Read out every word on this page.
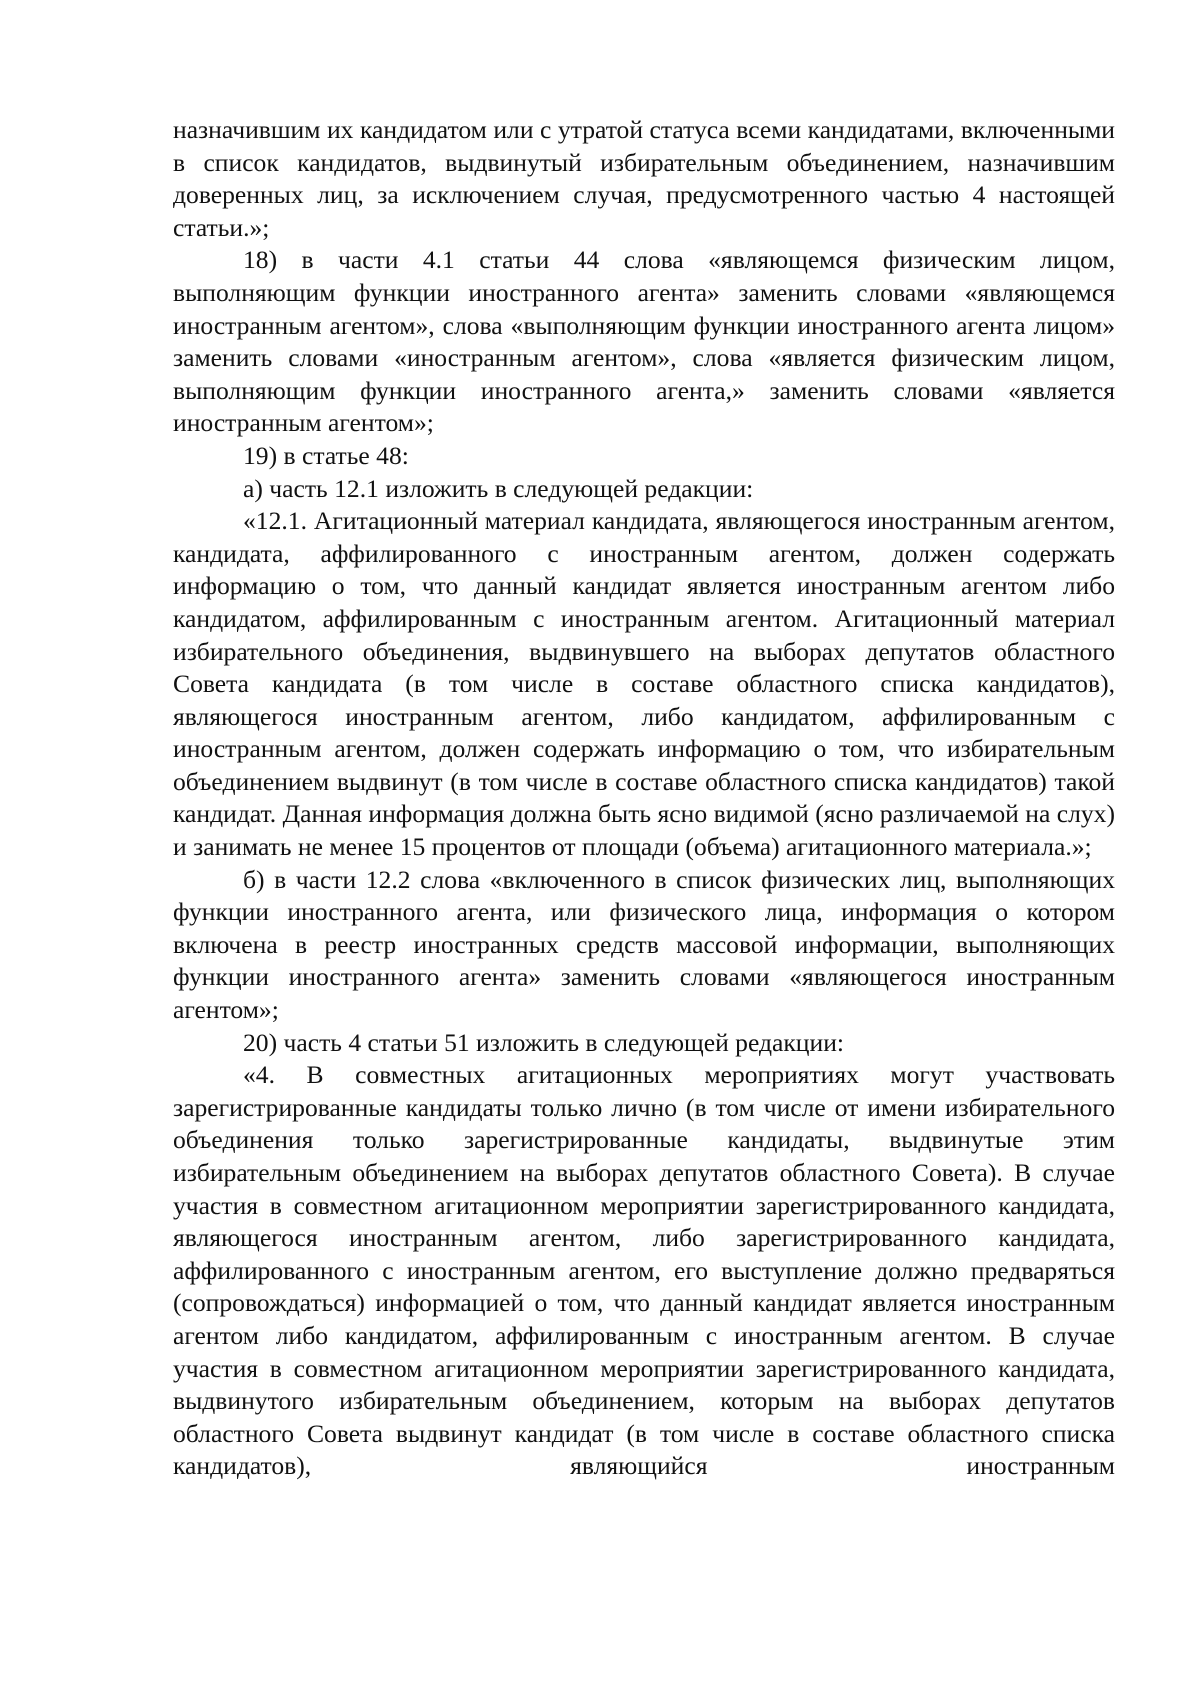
назначившим их кандидатом или с утратой статуса всеми кандидатами, включенными в список кандидатов, выдвинутый избирательным объединением, назначившим доверенных лиц, за исключением случая, предусмотренного частью 4 настоящей статьи.»;

18) в части 4.1 статьи 44 слова «являющемся физическим лицом, выполняющим функции иностранного агента» заменить словами «являющемся иностранным агентом», слова «выполняющим функции иностранного агента лицом» заменить словами «иностранным агентом», слова «является физическим лицом, выполняющим функции иностранного агента,» заменить словами «является иностранным агентом»;

19) в статье 48:

а) часть 12.1 изложить в следующей редакции:

«12.1. Агитационный материал кандидата, являющегося иностранным агентом, кандидата, аффилированного с иностранным агентом, должен содержать информацию о том, что данный кандидат является иностранным агентом либо кандидатом, аффилированным с иностранным агентом. Агитационный материал избирательного объединения, выдвинувшего на выборах депутатов областного Совета кандидата (в том числе в составе областного списка кандидатов), являющегося иностранным агентом, либо кандидатом, аффилированным с иностранным агентом, должен содержать информацию о том, что избирательным объединением выдвинут (в том числе в составе областного списка кандидатов) такой кандидат. Данная информация должна быть ясно видимой (ясно различаемой на слух) и занимать не менее 15 процентов от площади (объема) агитационного материала.»;

б) в части 12.2 слова «включенного в список физических лиц, выполняющих функции иностранного агента, или физического лица, информация о котором включена в реестр иностранных средств массовой информации, выполняющих функции иностранного агента» заменить словами «являющегося иностранным агентом»;

20) часть 4 статьи 51 изложить в следующей редакции:

«4. В совместных агитационных мероприятиях могут участвовать зарегистрированные кандидаты только лично (в том числе от имени избирательного объединения только зарегистрированные кандидаты, выдвинутые этим избирательным объединением на выборах депутатов областного Совета). В случае участия в совместном агитационном мероприятии зарегистрированного кандидата, являющегося иностранным агентом, либо зарегистрированного кандидата, аффилированного с иностранным агентом, его выступление должно предваряться (сопровождаться) информацией о том, что данный кандидат является иностранным агентом либо кандидатом, аффилированным с иностранным агентом. В случае участия в совместном агитационном мероприятии зарегистрированного кандидата, выдвинутого избирательным объединением, которым на выборах депутатов областного Совета выдвинут кандидат (в том числе в составе областного списка кандидатов), являющийся иностранным
